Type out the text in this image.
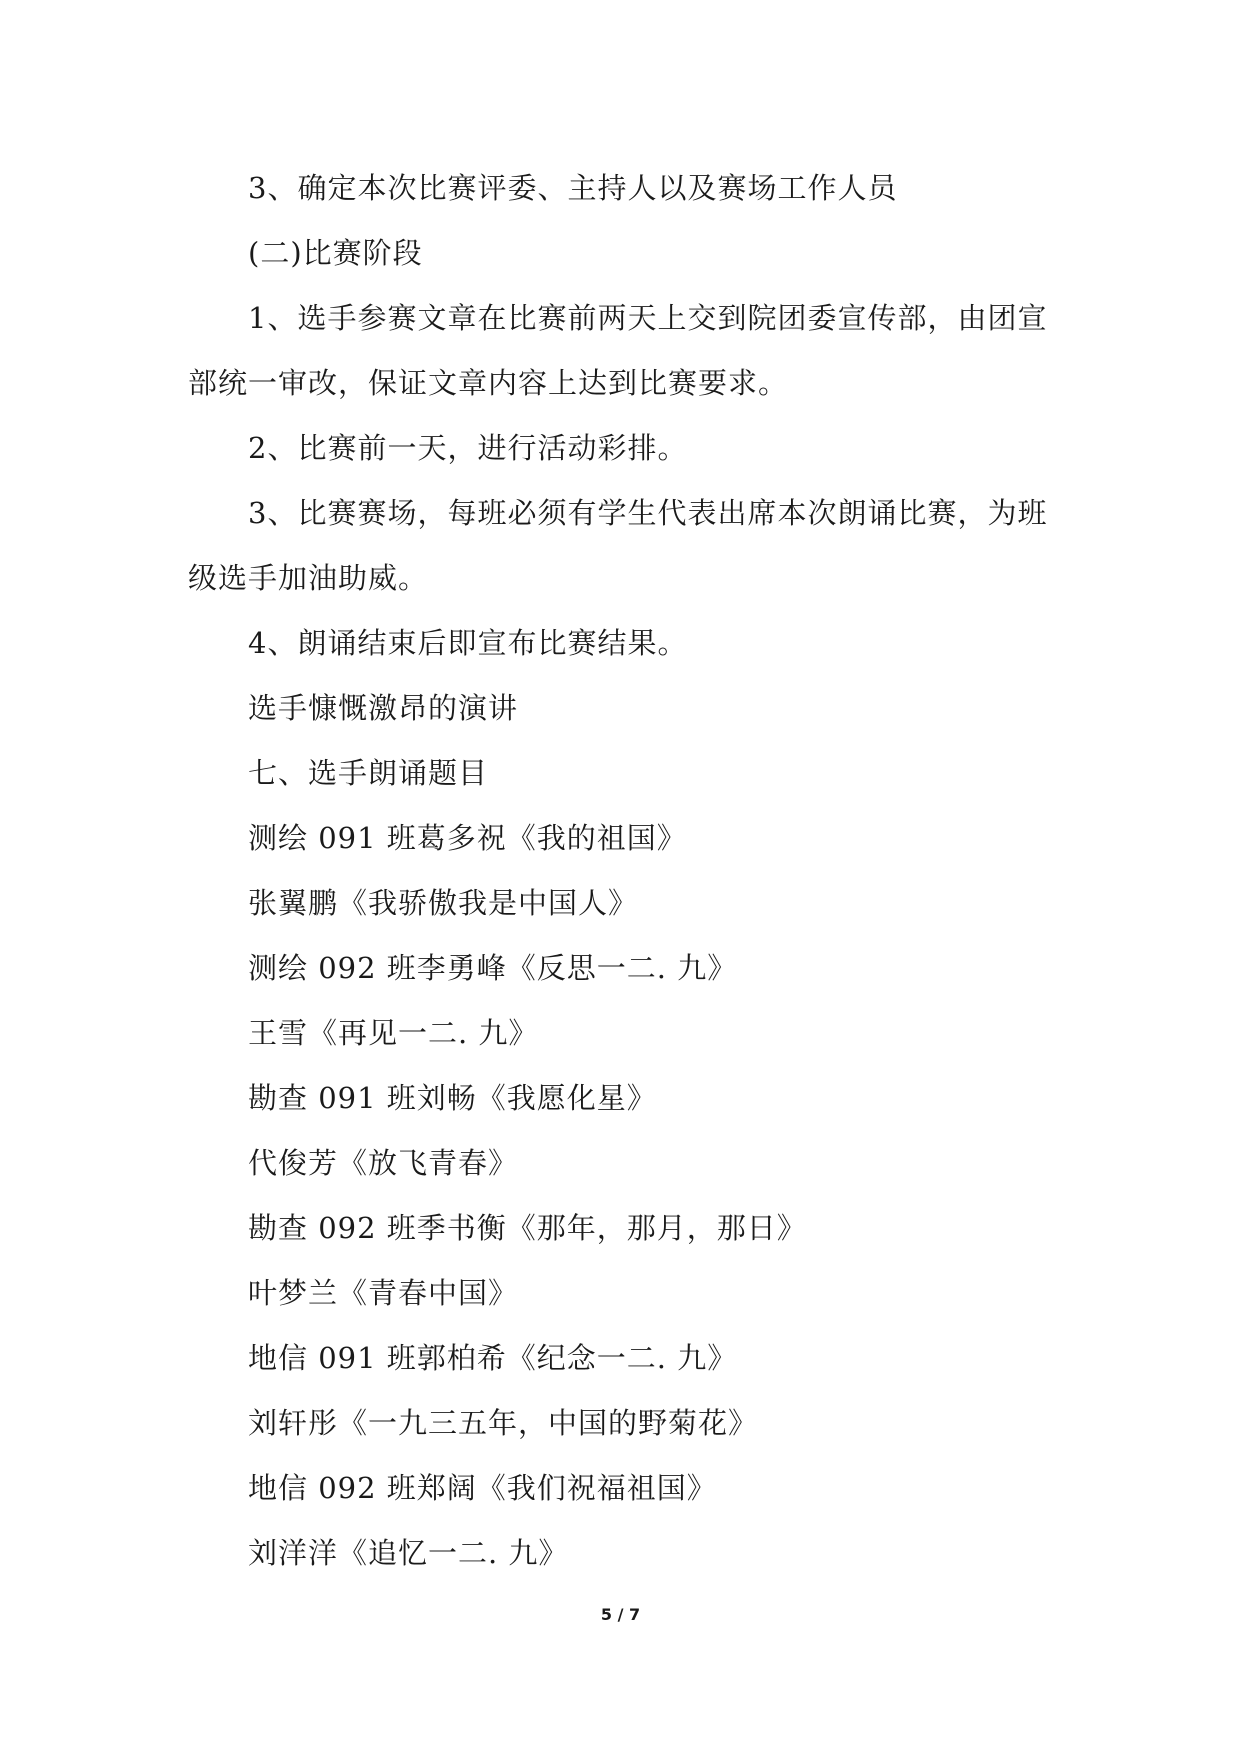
3、确定本次比赛评委、主持人以及赛场工作人员

(二)比赛阶段

1、选手参赛文章在比赛前两天上交到院团委宣传部，由团宣部统一审改，保证文章内容上达到比赛要求。

2、比赛前一天，进行活动彩排。

3、比赛赛场，每班必须有学生代表出席本次朗诵比赛，为班级选手加油助威。

4、朗诵结束后即宣布比赛结果。

选手慷慨激昂的演讲

七、选手朗诵题目

测绘 091 班葛多祝《我的祖国》

张翼鹏《我骄傲我是中国人》

测绘 092 班李勇峰《反思一二. 九》

王雪《再见一二. 九》

勘查 091 班刘畅《我愿化星》

代俊芳《放飞青春》

勘查 092 班季书衡《那年，那月，那日》

叶梦兰《青春中国》

地信 091 班郭柏希《纪念一二. 九》

刘轩彤《一九三五年，中国的野菊花》

地信 092 班郑阔《我们祝福祖国》

刘洋洋《追忆一二. 九》

5 / 7
